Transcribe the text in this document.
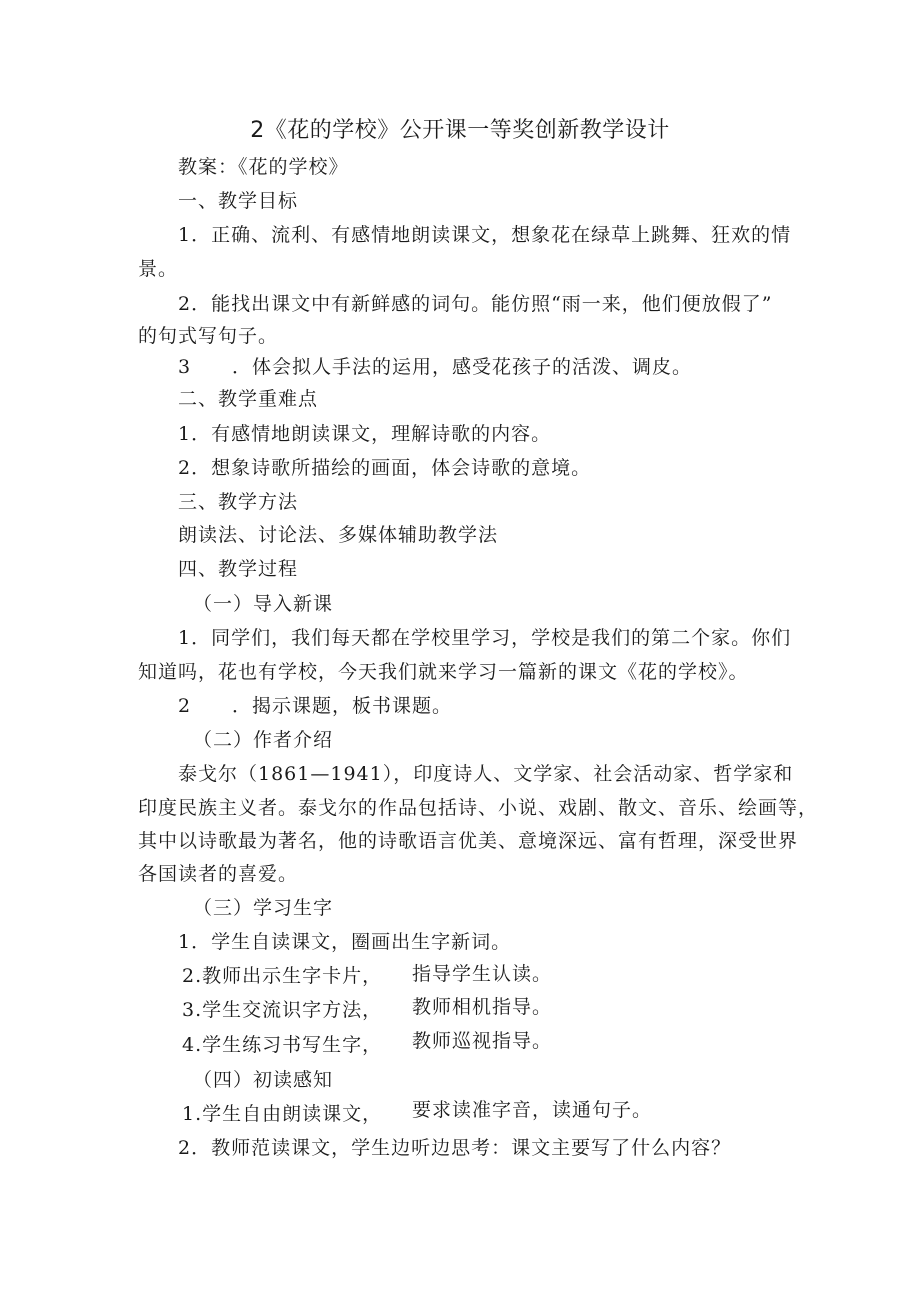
2《花的学校》公开课一等奖创新教学设计
教案：《花的学校》
一、教学目标
1．正确、流利、有感情地朗读课文，想象花在绿草上跳舞、狂欢的情
景。
2．能找出课文中有新鲜感的词句。能仿照“雨一来，他们便放假了”
的句式写句子。
3 ．体会拟人手法的运用，感受花孩子的活泼、调皮。
二、教学重难点
1．有感情地朗读课文，理解诗歌的内容。
2．想象诗歌所描绘的画面，体会诗歌的意境。
三、教学方法
朗读法、讨论法、多媒体辅助教学法
四、教学过程
（一）导入新课
1．同学们，我们每天都在学校里学习，学校是我们的第二个家。你们
知道吗，花也有学校，今天我们就来学习一篇新的课文《花的学校》。
2 ．揭示课题，板书课题。
（二）作者介绍
泰戈尔（1861—1941），印度诗人、文学家、社会活动家、哲学家和
印度民族主义者。泰戈尔的作品包括诗、小说、戏剧、散文、音乐、绘画等，
其中以诗歌最为著名，他的诗歌语言优美、意境深远、富有哲理，深受世界
各国读者的喜爱。
（三）学习生字
1．学生自读课文，圈画出生字新词。
2.教师出示生字卡片， 指导学生认读。
3.学生交流识字方法， 教师相机指导。
4.学生练习书写生字， 教师巡视指导。
（四）初读感知
1.学生自由朗读课文， 要求读准字音，读通句子。
2．教师范读课文，学生边听边思考：课文主要写了什么内容？
